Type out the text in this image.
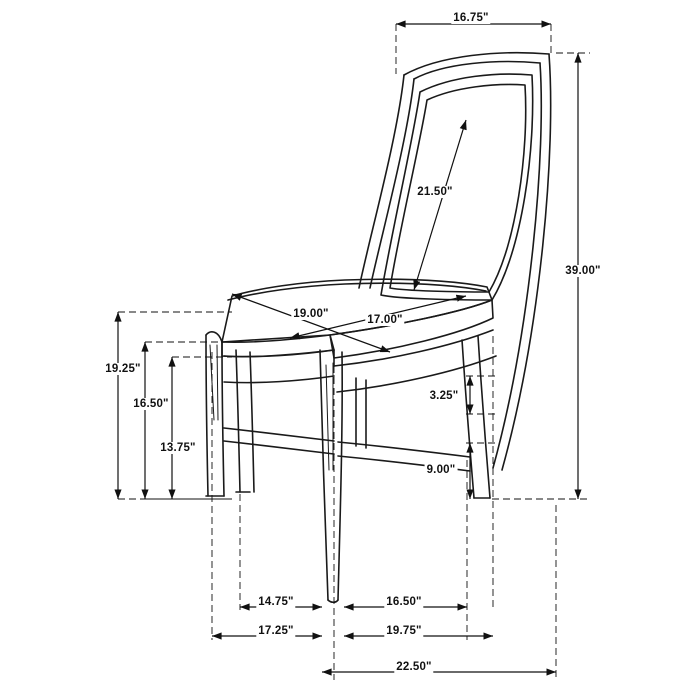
16.75"
21.50"
39.00"
19.00"	17.00"
19.25"
16.50"
13.75"
3.25"
9.00"
14.75"	16.50"
17.25"	19.75"
22.50"
